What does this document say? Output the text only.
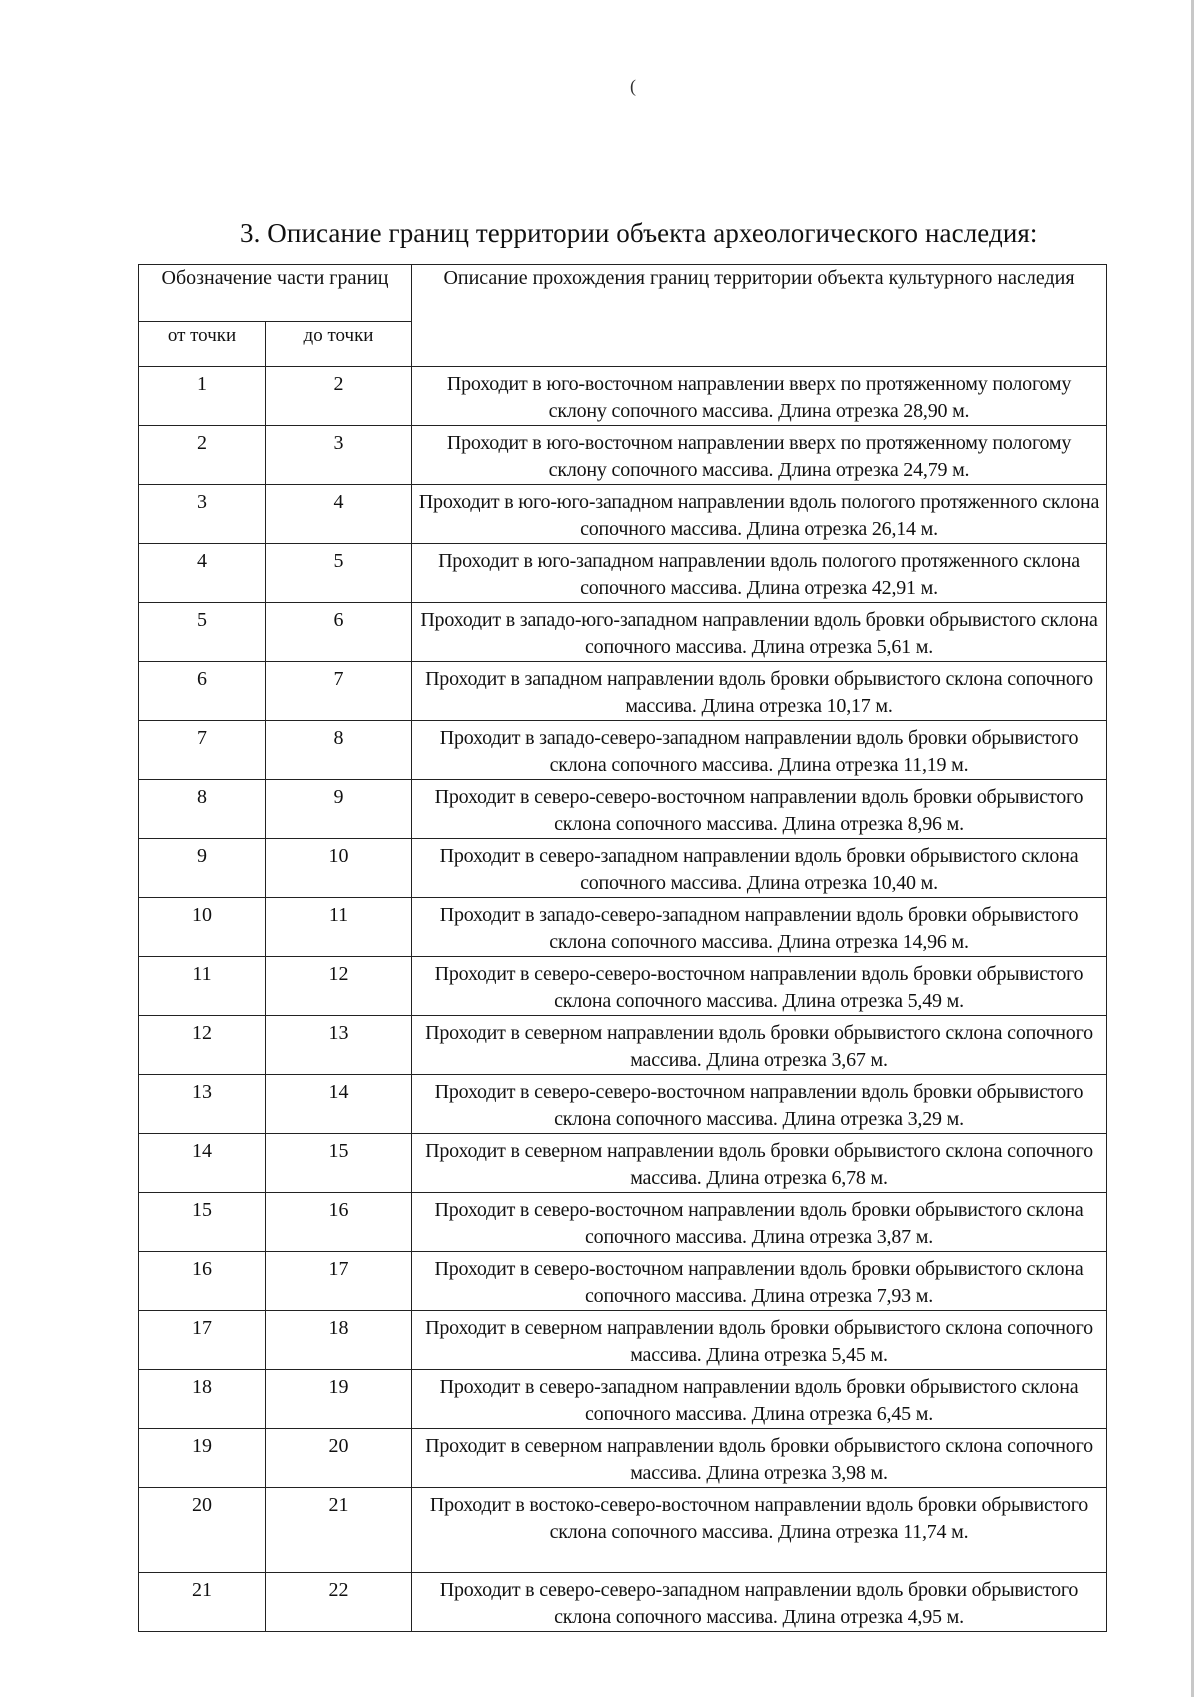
(
3. Описание границ территории объекта археологического наследия:
Обозначение части границ		Описание прохождения границ территории объекта культурного наследия
от точки	до точки	
1	2	Проходит в юго-восточном направлении вверх по протяженному пологому склону сопочного массива. Длина отрезка 28,90 м.
2	3	Проходит в юго-восточном направлении вверх по протяженному пологому склону сопочного массива. Длина отрезка 24,79 м.
3	4	Проходит в юго-юго-западном направлении вдоль пологого протяженного склона сопочного массива. Длина отрезка 26,14 м.
4	5	Проходит в юго-западном направлении вдоль пологого протяженного склона сопочного массива. Длина отрезка 42,91 м.
5	6	Проходит в западо-юго-западном направлении вдоль бровки обрывистого склона сопочного массива. Длина отрезка 5,61 м.
6	7	Проходит в западном направлении вдоль бровки обрывистого склона сопочного массива. Длина отрезка 10,17 м.
7	8	Проходит в западо-северо-западном направлении вдоль бровки обрывистого склона сопочного массива. Длина отрезка 11,19 м.
8	9	Проходит в северо-северо-восточном направлении вдоль бровки обрывистого склона сопочного массива. Длина отрезка 8,96 м.
9	10	Проходит в северо-западном направлении вдоль бровки обрывистого склона сопочного массива. Длина отрезка 10,40 м.
10	11	Проходит в западо-северо-западном направлении вдоль бровки обрывистого склона сопочного массива. Длина отрезка 14,96 м.
11	12	Проходит в северо-северо-восточном направлении вдоль бровки обрывистого склона сопочного массива. Длина отрезка 5,49 м.
12	13	Проходит в северном направлении вдоль бровки обрывистого склона сопочного массива. Длина отрезка 3,67 м.
13	14	Проходит в северо-северо-восточном направлении вдоль бровки обрывистого склона сопочного массива. Длина отрезка 3,29 м.
14	15	Проходит в северном направлении вдоль бровки обрывистого склона сопочного массива. Длина отрезка 6,78 м.
15	16	Проходит в северо-восточном направлении вдоль бровки обрывистого склона сопочного массива. Длина отрезка 3,87 м.
16	17	Проходит в северо-восточном направлении вдоль бровки обрывистого склона сопочного массива. Длина отрезка 7,93 м.
17	18	Проходит в северном направлении вдоль бровки обрывистого склона сопочного массива. Длина отрезка 5,45 м.
18	19	Проходит в северо-западном направлении вдоль бровки обрывистого склона сопочного массива. Длина отрезка 6,45 м.
19	20	Проходит в северном направлении вдоль бровки обрывистого склона сопочного массива. Длина отрезка 3,98 м.
20	21	Проходит в востоко-северо-восточном направлении вдоль бровки обрывистого склона сопочного массива. Длина отрезка 11,74 м.
21	22	Проходит в северо-северо-западном направлении вдоль бровки обрывистого склона сопочного массива. Длина отрезка 4,95 м.
